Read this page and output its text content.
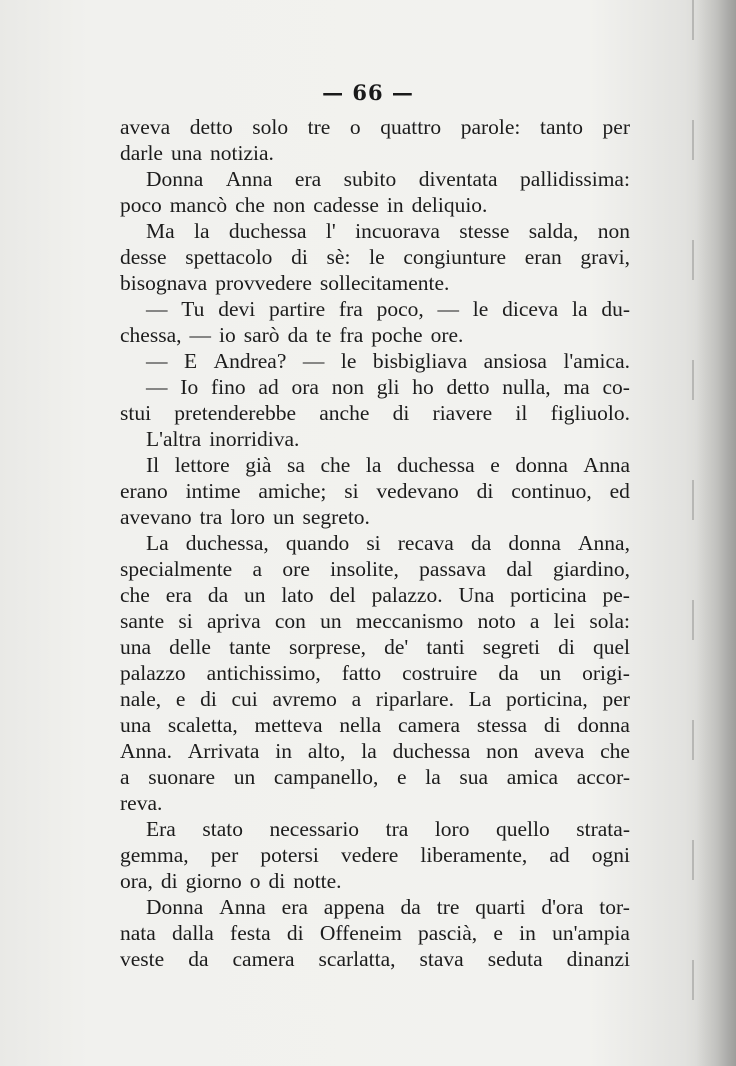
— 66 —
aveva detto solo tre o quattro parole: tanto per
darle una notizia.
Donna Anna era subito diventata pallidissima:
poco mancò che non cadesse in deliquio.
Ma la duchessa l' incuorava stesse salda, non
desse spettacolo di sè: le congiunture eran gravi,
bisognava provvedere sollecitamente.
— Tu devi partire fra poco, — le diceva la du-
chessa, — io sarò da te fra poche ore.
— E Andrea? — le bisbigliava ansiosa l'amica.
— Io fino ad ora non gli ho detto nulla, ma co-
stui pretenderebbe anche di riavere il figliuolo.
L'altra inorridiva.
Il lettore già sa che la duchessa e donna Anna
erano intime amiche; si vedevano di continuo, ed
avevano tra loro un segreto.
La duchessa, quando si recava da donna Anna,
specialmente a ore insolite, passava dal giardino,
che era da un lato del palazzo. Una porticina pe-
sante si apriva con un meccanismo noto a lei sola:
una delle tante sorprese, de' tanti segreti di quel
palazzo antichissimo, fatto costruire da un origi-
nale, e di cui avremo a riparlare. La porticina, per
una scaletta, metteva nella camera stessa di donna
Anna. Arrivata in alto, la duchessa non aveva che
a suonare un campanello, e la sua amica accor-
reva.
Era stato necessario tra loro quello strata-
gemma, per potersi vedere liberamente, ad ogni
ora, di giorno o di notte.
Donna Anna era appena da tre quarti d'ora tor-
nata dalla festa di Offeneim pascià, e in un'ampia
veste da camera scarlatta, stava seduta dinanzi
